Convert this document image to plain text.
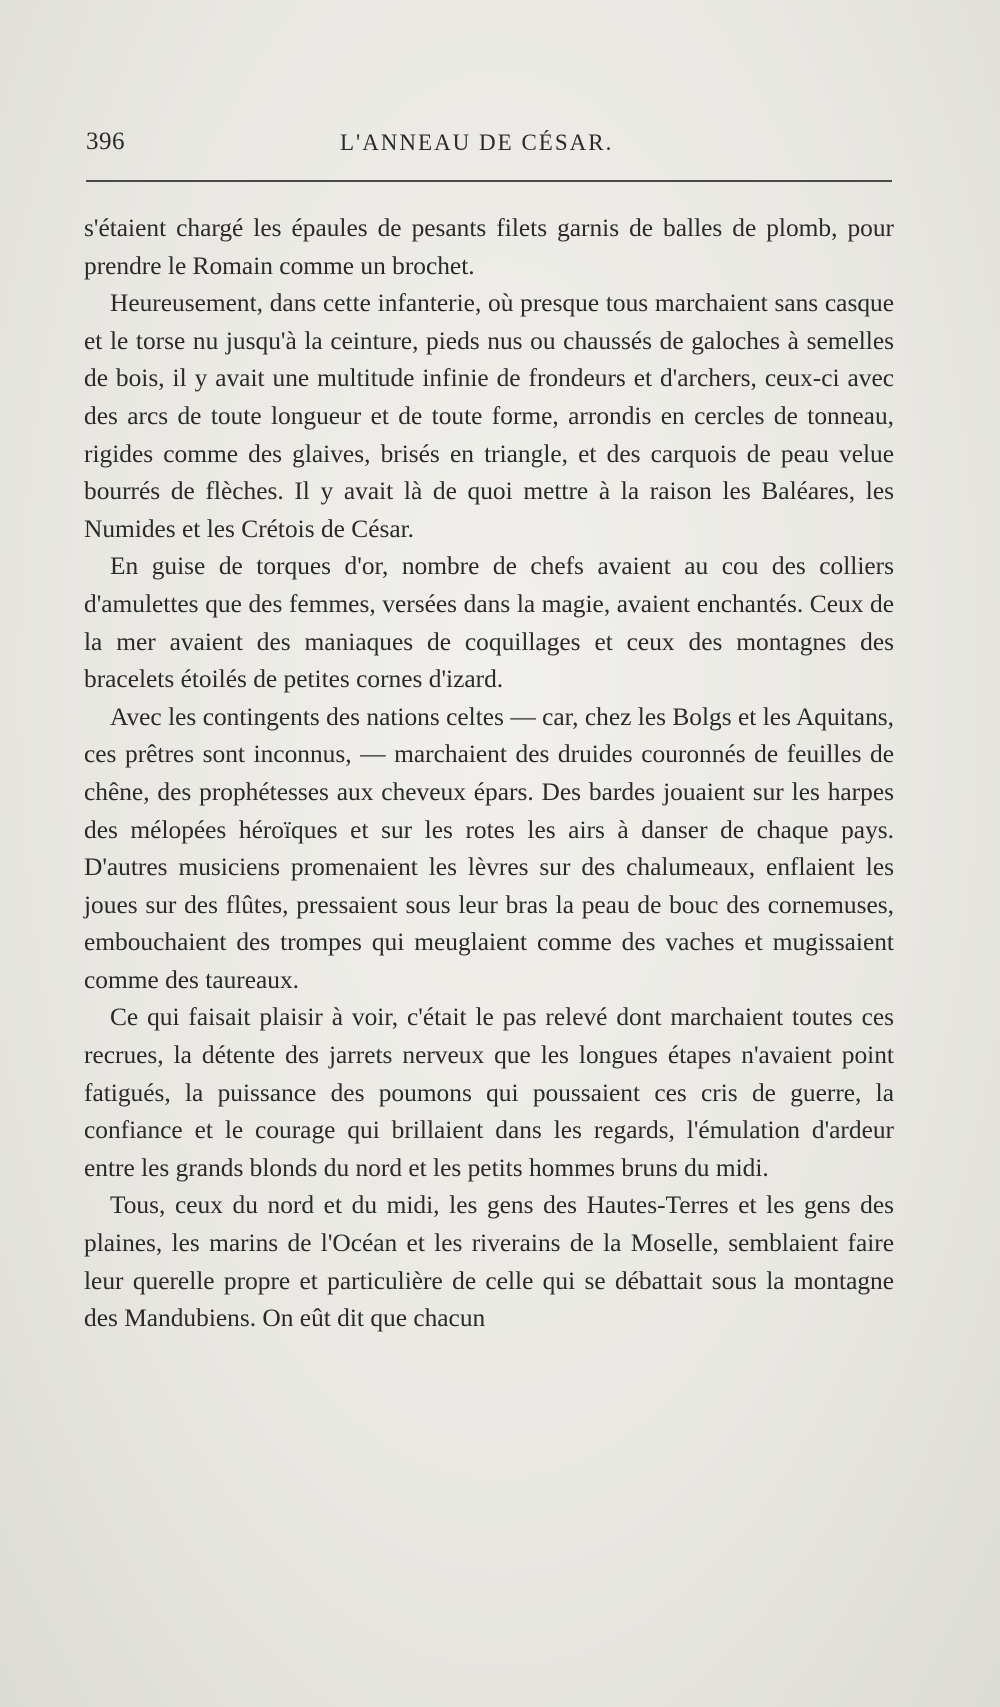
396	L'ANNEAU DE CÉSAR.

s'étaient chargé les épaules de pesants filets garnis de balles de plomb, pour prendre le Romain comme un brochet.

Heureusement, dans cette infanterie, où presque tous marchaient sans casque et le torse nu jusqu'à la ceinture, pieds nus ou chaussés de galoches à semelles de bois, il y avait une multitude infinie de frondeurs et d'archers, ceux-ci avec des arcs de toute longueur et de toute forme, arrondis en cercles de tonneau, rigides comme des glaives, brisés en triangle, et des carquois de peau velue bourrés de flèches. Il y avait là de quoi mettre à la raison les Baléares, les Numides et les Crétois de César.

En guise de torques d'or, nombre de chefs avaient au cou des colliers d'amulettes que des femmes, versées dans la magie, avaient enchantés. Ceux de la mer avaient des maniaques de coquillages et ceux des montagnes des bracelets étoilés de petites cornes d'izard.

Avec les contingents des nations celtes — car, chez les Bolgs et les Aquitans, ces prêtres sont inconnus, — marchaient des druides couronnés de feuilles de chêne, des prophétesses aux cheveux épars. Des bardes jouaient sur les harpes des mélopées héroïques et sur les rotes les airs à danser de chaque pays. D'autres musiciens promenaient les lèvres sur des chalumeaux, enflaient les joues sur des flûtes, pressaient sous leur bras la peau de bouc des cornemuses, embouchaient des trompes qui meuglaient comme des vaches et mugissaient comme des taureaux.

Ce qui faisait plaisir à voir, c'était le pas relevé dont marchaient toutes ces recrues, la détente des jarrets nerveux que les longues étapes n'avaient point fatigués, la puissance des poumons qui poussaient ces cris de guerre, la confiance et le courage qui brillaient dans les regards, l'émulation d'ardeur entre les grands blonds du nord et les petits hommes bruns du midi.

Tous, ceux du nord et du midi, les gens des Hautes-Terres et les gens des plaines, les marins de l'Océan et les riverains de la Moselle, semblaient faire leur querelle propre et particulière de celle qui se débattait sous la montagne des Mandubiens. On eût dit que chacun
